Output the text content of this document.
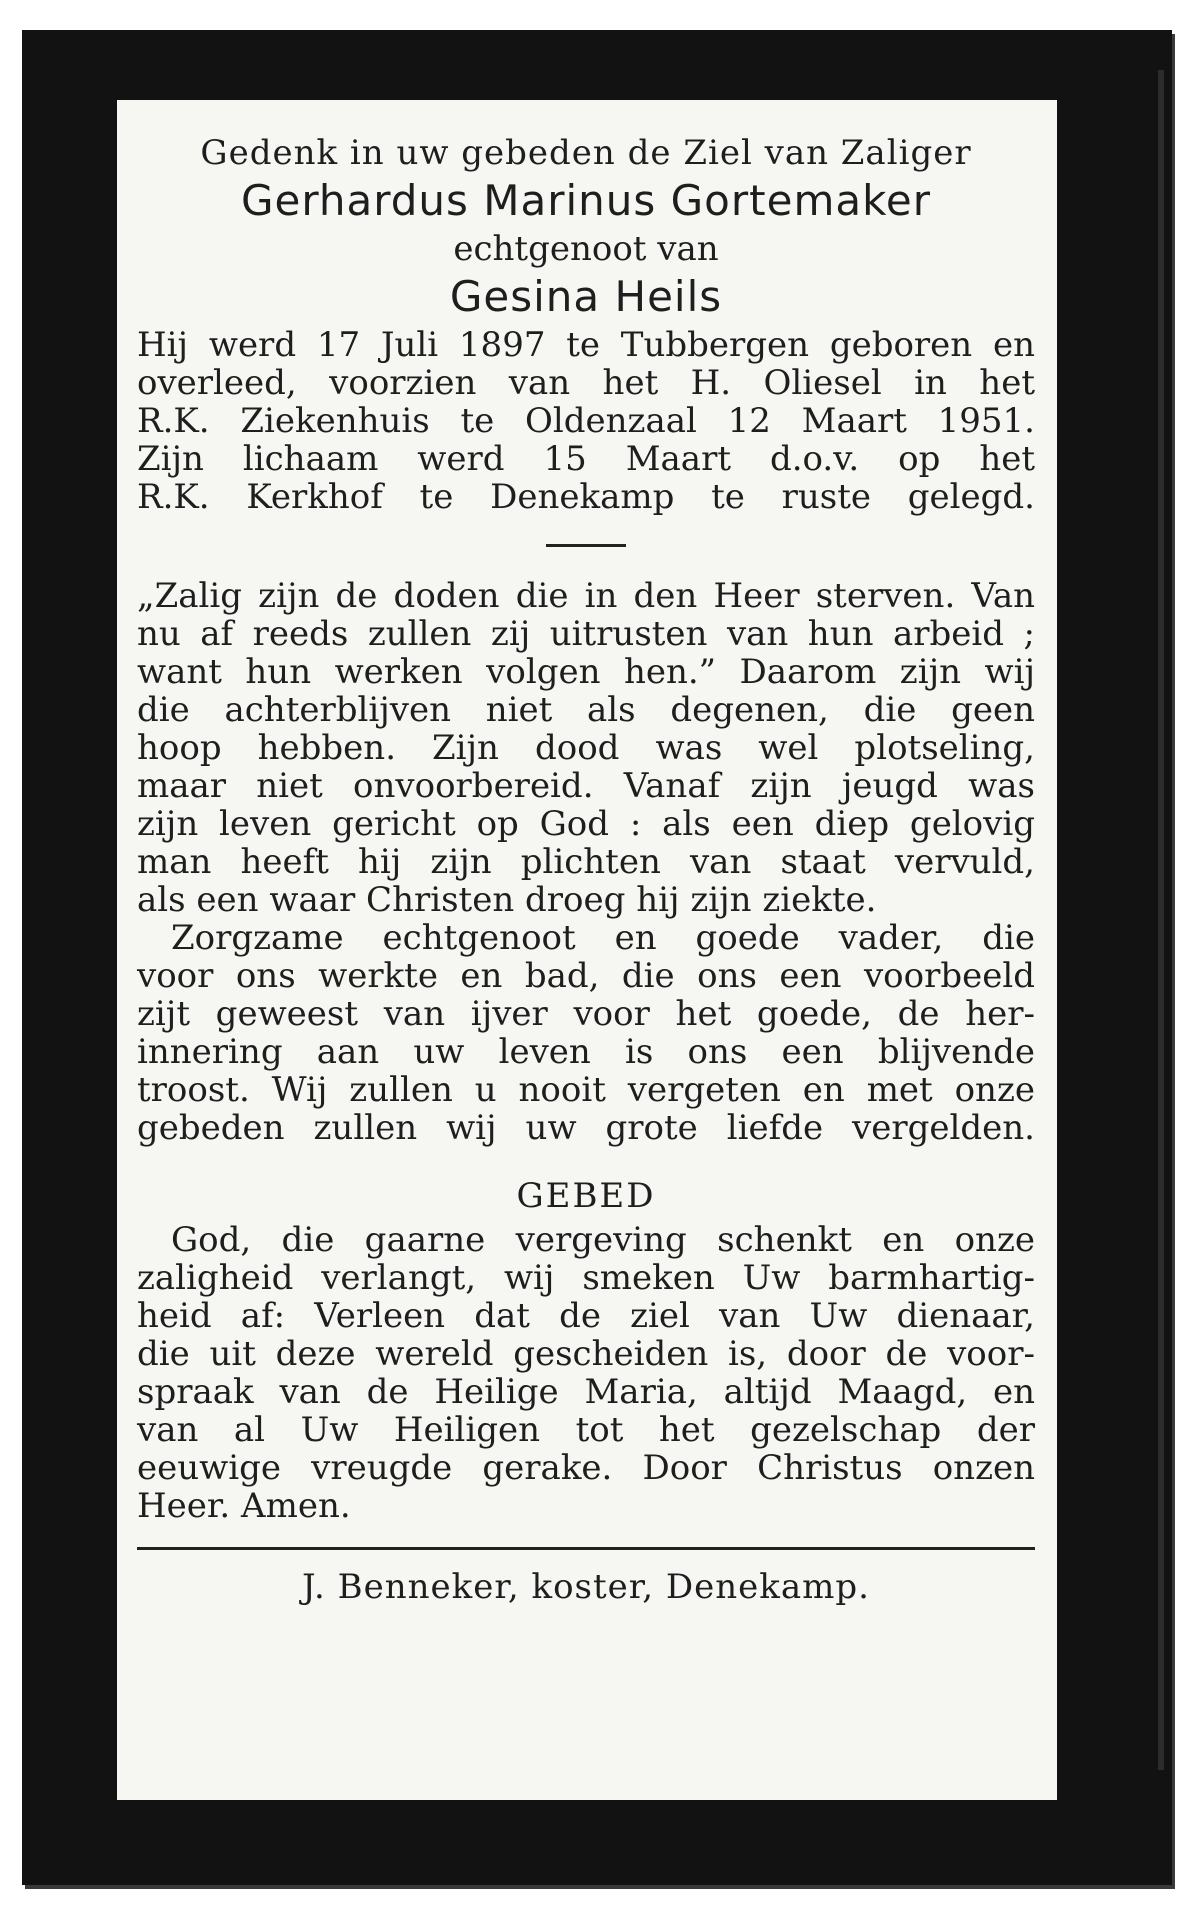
Gedenk in uw gebeden de Ziel van Zaliger
Gerhardus Marinus Gortemaker
echtgenoot van
Gesina Heils
Hij werd 17 Juli 1897 te Tubbergen geboren en
overleed, voorzien van het H. Oliesel in het
R.K. Ziekenhuis te Oldenzaal 12 Maart 1951.
Zijn lichaam werd 15 Maart d.o.v. op het
R.K. Kerkhof te Denekamp te ruste gelegd.
„Zalig zijn de doden die in den Heer sterven. Van
nu af reeds zullen zij uitrusten van hun arbeid ;
want hun werken volgen hen.” Daarom zijn wij
die achterblijven niet als degenen, die geen
hoop hebben. Zijn dood was wel plotseling,
maar niet onvoorbereid. Vanaf zijn jeugd was
zijn leven gericht op God : als een diep gelovig
man heeft hij zijn plichten van staat vervuld,
als een waar Christen droeg hij zijn ziekte.
Zorgzame echtgenoot en goede vader, die
voor ons werkte en bad, die ons een voorbeeld
zijt geweest van ijver voor het goede, de her-
innering aan uw leven is ons een blijvende
troost. Wij zullen u nooit vergeten en met onze
gebeden zullen wij uw grote liefde vergelden.
GEBED
God, die gaarne vergeving schenkt en onze
zaligheid verlangt, wij smeken Uw barmhartig-
heid af: Verleen dat de ziel van Uw dienaar,
die uit deze wereld gescheiden is, door de voor-
spraak van de Heilige Maria, altijd Maagd, en
van al Uw Heiligen tot het gezelschap der
eeuwige vreugde gerake. Door Christus onzen
Heer. Amen.
J. Benneker, koster, Denekamp.
